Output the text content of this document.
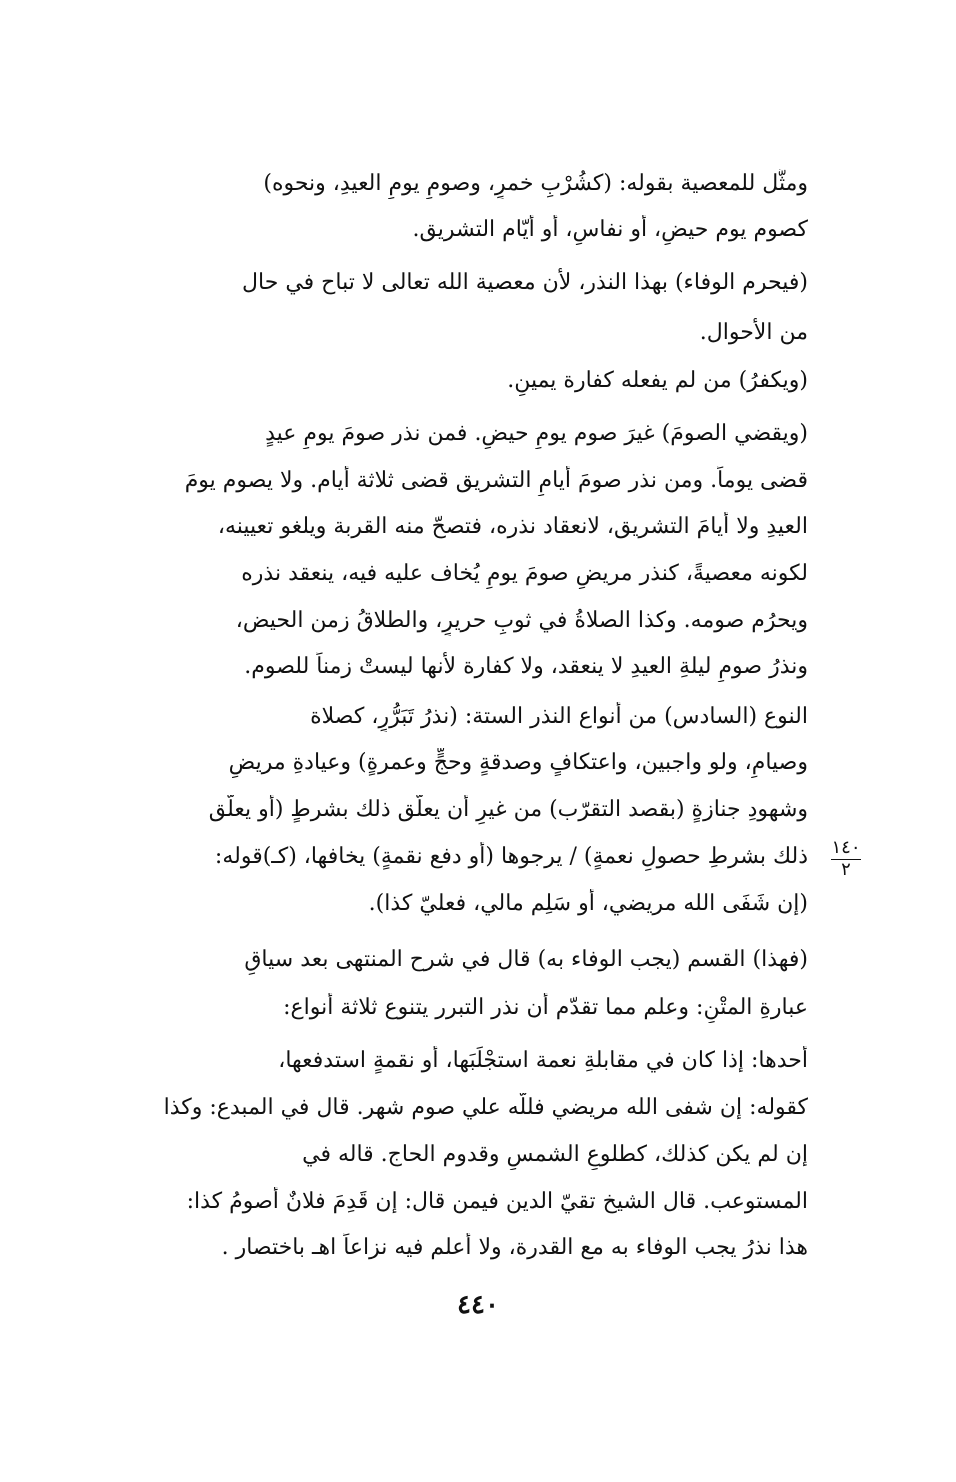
ومثَّل للمعصية بقوله: (كشُرْبِ خمرٍ، وصومِ يومِ العيدِ، ونحوه)
كصوم يوم حيضٍ، أو نفاسٍ، أو أيّام التشريق.
(فيحرم الوفاء) بهذا النذر، لأن معصية الله تعالى لا تباح في حال
من الأحوال.
(ويكفرُ) من لم يفعله كفارة يمينٍ.
(ويقضي الصومَ) غيرَ صوم يومِ حيضٍ. فمن نذر صومَ يومِ عيدٍ
قضى يوماً. ومن نذر صومَ أيامِ التشريق قضى ثلاثة أيام. ولا يصوم يومَ
العيدِ ولا أيامَ التشريق، لانعقاد نذره، فتصحّ منه القربة ويلغو تعيينه،
لكونه معصيةً، كنذر مريضٍ صومَ يومٍ يُخاف عليه فيه، ينعقد نذره
ويحرُم صومه. وكذا الصلاةُ في ثوبِ حريرٍ، والطلاقُ زمن الحيض،
ونذرُ صومِ ليلةِ العيدِ لا ينعقد، ولا كفارة لأنها ليستْ زمناً للصوم.
النوع (السادس) من أنواع النذر الستة: (نذرُ تَبَرُّرٍ، كصلاة
وصيامٍ، ولو واجبين، واعتكافٍ وصدقةٍ وحجٍّ وعمرةٍ) وعيادةِ مريضٍ
وشهودِ جنازةٍ (بقصد التقرّب) من غيرِ أن يعلّق ذلك بشرطٍ (أو يعلّق
ذلك بشرطِ حصولِ نعمةٍ) / يرجوها (أو دفع نقمةٍ) يخافها، (كـ)قوله:
(إن شَفَى الله مريضي، أو سَلِم مالي، فعليّ كذا).
(فهذا) القسم (يجب الوفاء به) قال في شرح المنتهى بعد سياقِ
عبارةِ المتْنِ: وعلم مما تقدّم أن نذر التبرر يتنوع ثلاثة أنواع:
أحدها: إذا كان في مقابلةِ نعمة استجْلَبَها، أو نقمةٍ استدفعها،
كقوله: إن شفى الله مريضي فللّه علي صوم شهر. قال في المبدع: وكذا
إن لم يكن كذلك، كطلوعِ الشمسِ وقدوم الحاج. قاله في
المستوعب. قال الشيخ تقيّ الدين فيمن قال: إن قَدِمَ فلانٌ أصومُ كذا:
هذا نذرُ يجب الوفاء به مع القدرة، ولا أعلم فيه نزاعاً اهـ باختصار .
$\frac{١٤٠}{٢}$
٤٤٠
